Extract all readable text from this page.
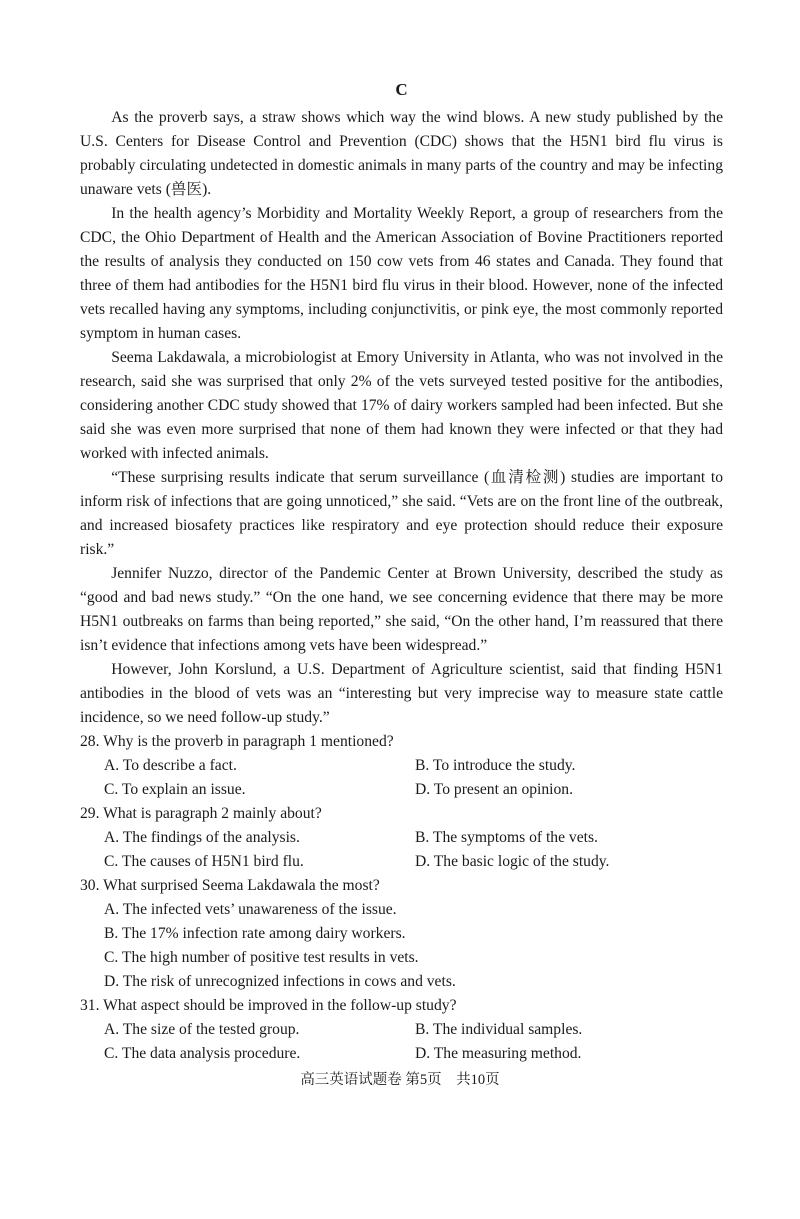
C

As the proverb says, a straw shows which way the wind blows. A new study published by the U.S. Centers for Disease Control and Prevention (CDC) shows that the H5N1 bird flu virus is probably circulating undetected in domestic animals in many parts of the country and may be infecting unaware vets (兽医).

In the health agency’s Morbidity and Mortality Weekly Report, a group of researchers from the CDC, the Ohio Department of Health and the American Association of Bovine Practitioners reported the results of analysis they conducted on 150 cow vets from 46 states and Canada. They found that three of them had antibodies for the H5N1 bird flu virus in their blood. However, none of the infected vets recalled having any symptoms, including conjunctivitis, or pink eye, the most commonly reported symptom in human cases.

Seema Lakdawala, a microbiologist at Emory University in Atlanta, who was not involved in the research, said she was surprised that only 2% of the vets surveyed tested positive for the antibodies, considering another CDC study showed that 17% of dairy workers sampled had been infected. But she said she was even more surprised that none of them had known they were infected or that they had worked with infected animals.

“These surprising results indicate that serum surveillance (血清检测) studies are important to inform risk of infections that are going unnoticed,” she said. “Vets are on the front line of the outbreak, and increased biosafety practices like respiratory and eye protection should reduce their exposure risk.”

Jennifer Nuzzo, director of the Pandemic Center at Brown University, described the study as “good and bad news study.” “On the one hand, we see concerning evidence that there may be more H5N1 outbreaks on farms than being reported,” she said, “On the other hand, I’m reassured that there isn’t evidence that infections among vets have been widespread.”

However, John Korslund, a U.S. Department of Agriculture scientist, said that finding H5N1 antibodies in the blood of vets was an “interesting but very imprecise way to measure state cattle incidence, so we need follow-up study.”

28. Why is the proverb in paragraph 1 mentioned?

A. To describe a fact.	B. To introduce the study.
C. To explain an issue.	D. To present an opinion.

29. What is paragraph 2 mainly about?

A. The findings of the analysis.	B. The symptoms of the vets.
C. The causes of H5N1 bird flu.	D. The basic logic of the study.

30. What surprised Seema Lakdawala the most?

A. The infected vets’ unawareness of the issue.
B. The 17% infection rate among dairy workers.
C. The high number of positive test results in vets.
D. The risk of unrecognized infections in cows and vets.

31. What aspect should be improved in the follow-up study?

A. The size of the tested group.	B. The individual samples.
C. The data analysis procedure.	D. The measuring method.
高三英语试题卷 第5页　共10页
